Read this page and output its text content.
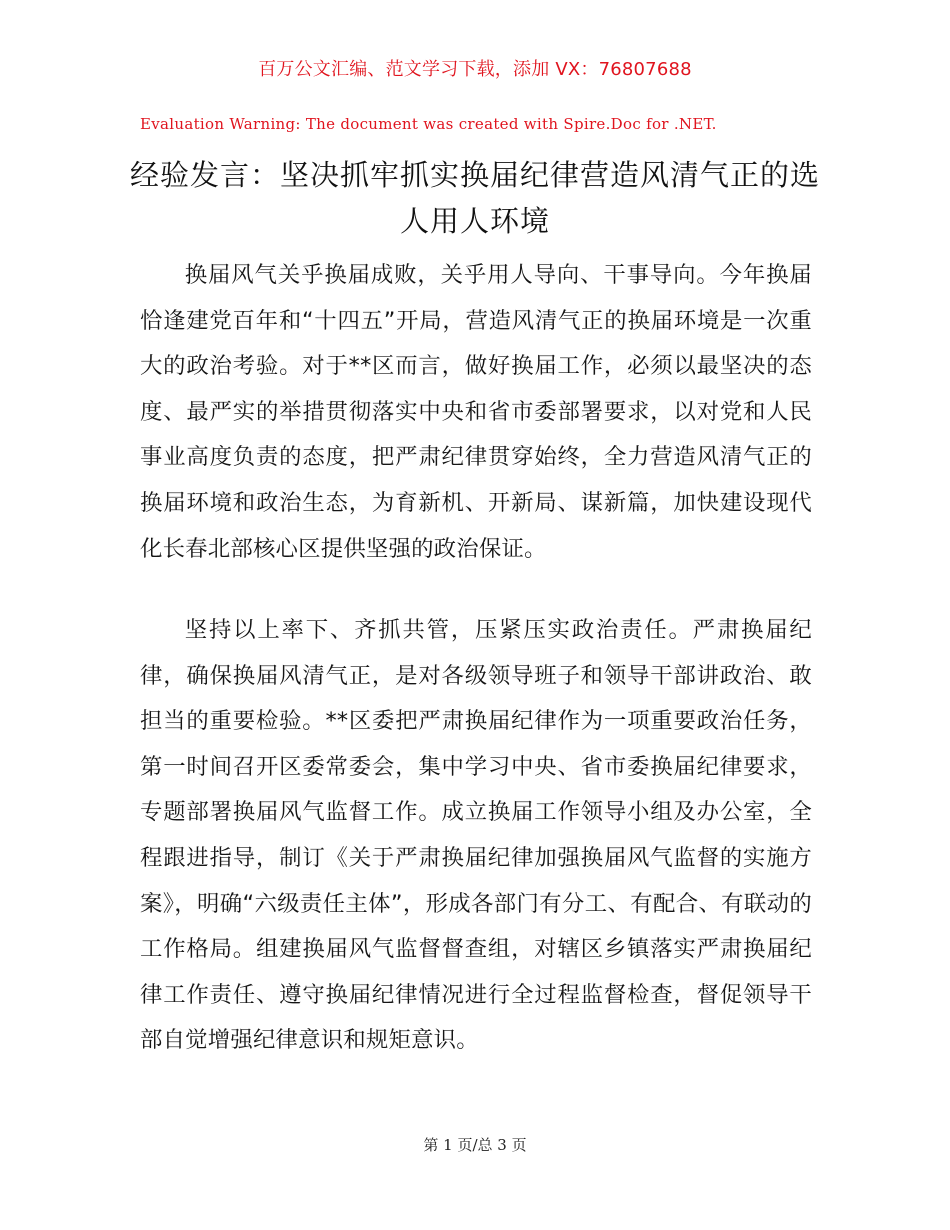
百万公文汇编、范文学习下载，添加 VX：76807688
Evaluation Warning: The document was created with Spire.Doc for .NET.
经验发言：坚决抓牢抓实换届纪律营造风清气正的选人用人环境

换届风气关乎换届成败，关乎用人导向、干事导向。今年换届恰逢建党百年和“十四五”开局，营造风清气正的换届环境是一次重大的政治考验。对于**区而言，做好换届工作，必须以最坚决的态度、最严实的举措贯彻落实中央和省市委部署要求，以对党和人民事业高度负责的态度，把严肃纪律贯穿始终，全力营造风清气正的换届环境和政治生态，为育新机、开新局、谋新篇，加快建设现代化长春北部核心区提供坚强的政治保证。

坚持以上率下、齐抓共管，压紧压实政治责任。严肃换届纪律，确保换届风清气正，是对各级领导班子和领导干部讲政治、敢担当的重要检验。**区委把严肃换届纪律作为一项重要政治任务，第一时间召开区委常委会，集中学习中央、省市委换届纪律要求，专题部署换届风气监督工作。成立换届工作领导小组及办公室，全程跟进指导，制订《关于严肃换届纪律加强换届风气监督的实施方案》，明确“六级责任主体”，形成各部门有分工、有配合、有联动的工作格局。组建换届风气监督督查组，对辖区乡镇落实严肃换届纪律工作责任、遵守换届纪律情况进行全过程监督检查，督促领导干部自觉增强纪律意识和规矩意识。

第 1 页/总 3 页
